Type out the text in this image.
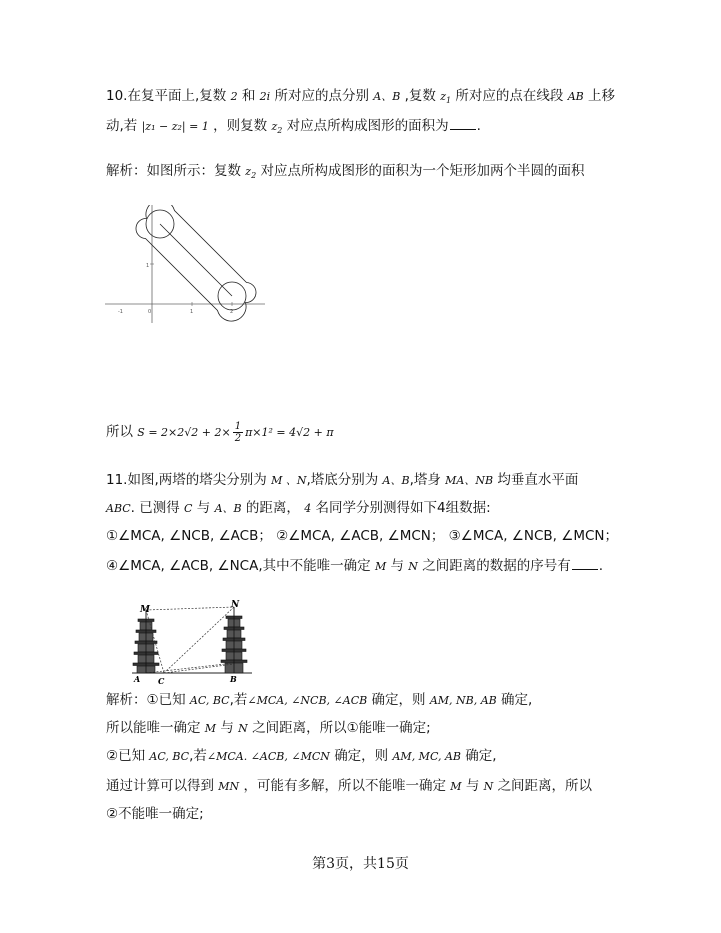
10.在复平面上,复数 2 和 2i 所对应的点分别 A、B ,复数 $z_1$ 所对应的点在线段 AB 上移
动,若 |z₁ − z₂| = 1 ，则复数 $z_2$ 对应点所构成图形的面积为 .
解析：如图所示：复数 $z_2$ 对应点所构成图形的面积为一个矩形加两个半圆的面积
-1	0	1	2
1
所以 $S = 2\times 2√2 + 2\times \frac{1}{2} \pi\times 1^2 = 4√2 + \pi$
11.如图,两塔的塔尖分别为 M 、N,塔底分别为 A、B,塔身 MA、NB 均垂直水平面
ABC. 已测得 C 与 A、B 的距离， 4 名同学分别测得如下4组数据:
①∠MCA, ∠NCB, ∠ACB； ②∠MCA, ∠ACB, ∠MCN； ③∠MCA, ∠NCB, ∠MCN；
④∠MCA, ∠ACB, ∠NCA,其中不能唯一确定 M 与 N 之间距离的数据的序号有 .
M	N
A	B
C
解析：①已知 AC, BC,若∠MCA, ∠NCB, ∠ACB 确定，则 AM, NB, AB 确定,
所以能唯一确定 M 与 N 之间距离，所以①能唯一确定;
②已知 AC, BC,若∠MCA. ∠ACB, ∠MCN 确定，则 AM, MC, AB 确定,
通过计算可以得到 MN ，可能有多解，所以不能唯一确定 M 与 N 之间距离，所以
②不能唯一确定;
第3页，共15页
